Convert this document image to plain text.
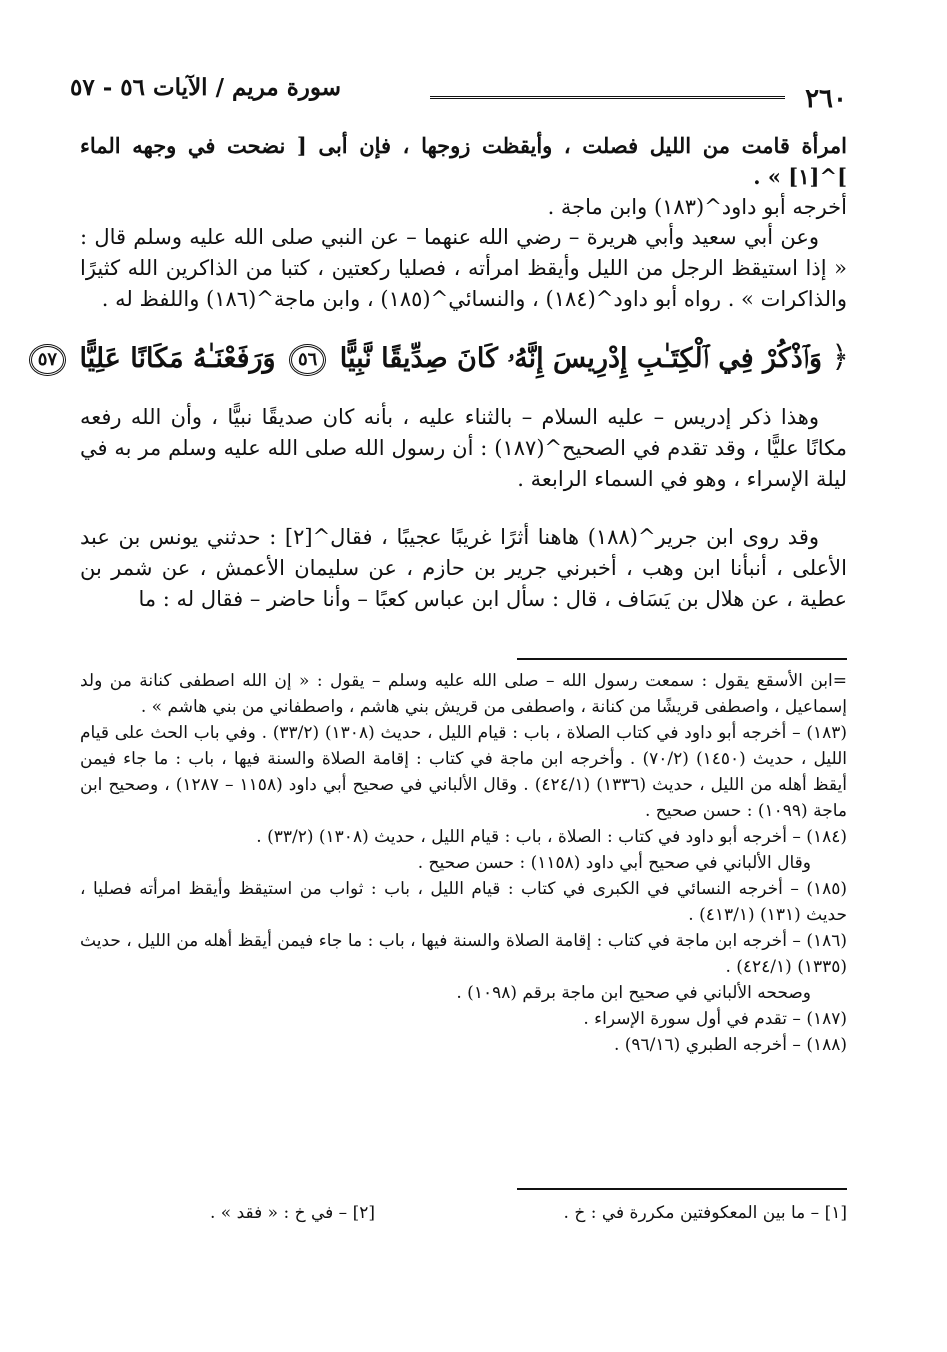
٢٦٠
سورة مريم / الآيات ٥٦ - ٥٧

امرأة قامت من الليل فصلت ، وأيقظت زوجها ، فإن أبى [ نضحت في وجهه الماء ]^[١] » .

أخرجه أبو داود^(١٨٣) وابن ماجة .

وعن أبي سعيد وأبي هريرة – رضي الله عنهما – عن النبي صلى الله عليه وسلم قال : « إذا استيقظ الرجل من الليل وأيقظ امرأته ، فصليا ركعتين ، كتبا من الذاكرين الله كثيرًا والذاكرات » . رواه أبو داود^(١٨٤) ، والنسائي^(١٨٥) ، وابن ماجة^(١٨٦) واللفظ له .

﴿ وَٱذْكُرْ فِي ٱلْكِتَـٰبِ إِدْرِيسَ إِنَّهُۥ كَانَ صِدِّيقًا نَّبِيًّا ٥٦ وَرَفَعْنَـٰهُ مَكَانًا عَلِيًّا ٥٧

وهذا ذكر إدريس – عليه السلام – بالثناء عليه ، بأنه كان صديقًا نبيًّا ، وأن الله رفعه مكانًا عليًّا ، وقد تقدم في الصحيح^(١٨٧) : أن رسول الله صلى الله عليه وسلم مر به في ليلة الإسراء ، وهو في السماء الرابعة .

وقد روى ابن جرير^(١٨٨) هاهنا أثرًا غريبًا عجيبًا ، فقال^[٢] : حدثني يونس بن عبد الأعلى ، أنبأنا ابن وهب ، أخبرني جرير بن حازم ، عن سليمان الأعمش ، عن شمر بن عطية ، عن هلال بن يَسَاف ، قال : سأل ابن عباس كعبًا – وأنا حاضر – فقال له : ما

=ابن الأسقع يقول : سمعت رسول الله – صلى الله عليه وسلم – يقول : « إن الله اصطفى كنانة من ولد إسماعيل ، واصطفى قريشًا من كنانة ، واصطفى من قريش بني هاشم ، واصطفاني من بني هاشم » .

(١٨٣) – أخرجه أبو داود في كتاب الصلاة ، باب : قيام الليل ، حديث (١٣٠٨) (٣٣/٢) . وفي باب الحث على قيام الليل ، حديث (١٤٥٠) (٧٠/٢) . وأخرجه ابن ماجة في كتاب : إقامة الصلاة والسنة فيها ، باب : ما جاء فيمن أيقظ أهله من الليل ، حديث (١٣٣٦) (٤٢٤/١) . وقال الألباني في صحيح أبي داود (١١٥٨ – ١٢٨٧) ، وصحيح ابن ماجة (١٠٩٩) : حسن صحيح .

(١٨٤) – أخرجه أبو داود في كتاب : الصلاة ، باب : قيام الليل ، حديث (١٣٠٨) (٣٣/٢) .

وقال الألباني في صحيح أبي داود (١١٥٨) : حسن صحيح .

(١٨٥) – أخرجه النسائي في الكبرى في كتاب : قيام الليل ، باب : ثواب من استيقظ وأيقظ امرأته فصليا ، حديث (١٣١) (٤١٣/١) .

(١٨٦) – أخرجه ابن ماجة في كتاب : إقامة الصلاة والسنة فيها ، باب : ما جاء فيمن أيقظ أهله من الليل ، حديث (١٣٣٥) (٤٢٤/١) .

وصححه الألباني في صحيح ابن ماجة برقم (١٠٩٨) .

(١٨٧) – تقدم في أول سورة الإسراء .

(١٨٨) – أخرجه الطبري (٩٦/١٦) .

[١] – ما بين المعكوفتين مكررة في : خ .
[٢] – في خ : « فقد » .
